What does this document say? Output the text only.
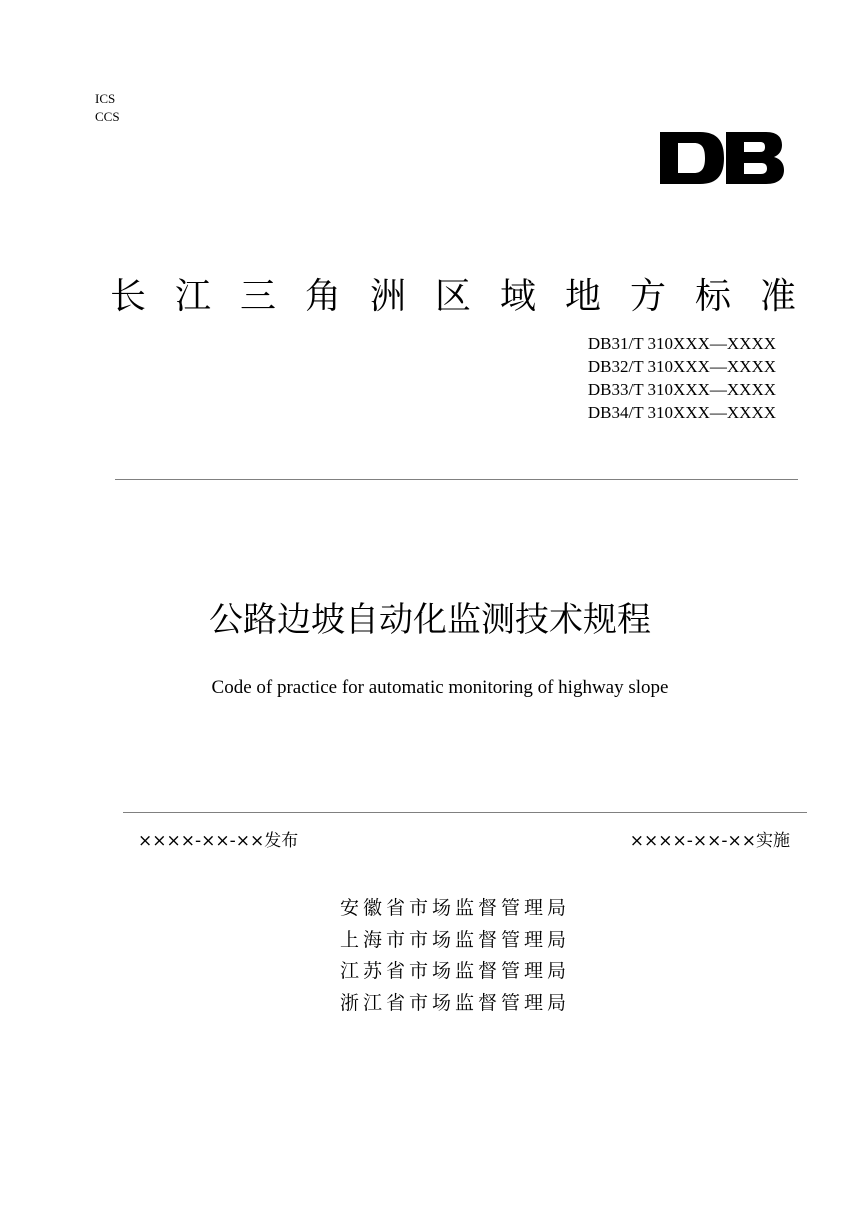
ICS
CCS
长江三角洲区域地方标准
DB31/T 310XXX—XXXX
DB32/T 310XXX—XXXX
DB33/T 310XXX—XXXX
DB34/T 310XXX—XXXX
公路边坡自动化监测技术规程
Code of practice for automatic monitoring of highway slope
××××-××-××发布	××××-××-××实施
安徽省市场监督管理局
上海市市场监督管理局
江苏省市场监督管理局
浙江省市场监督管理局
